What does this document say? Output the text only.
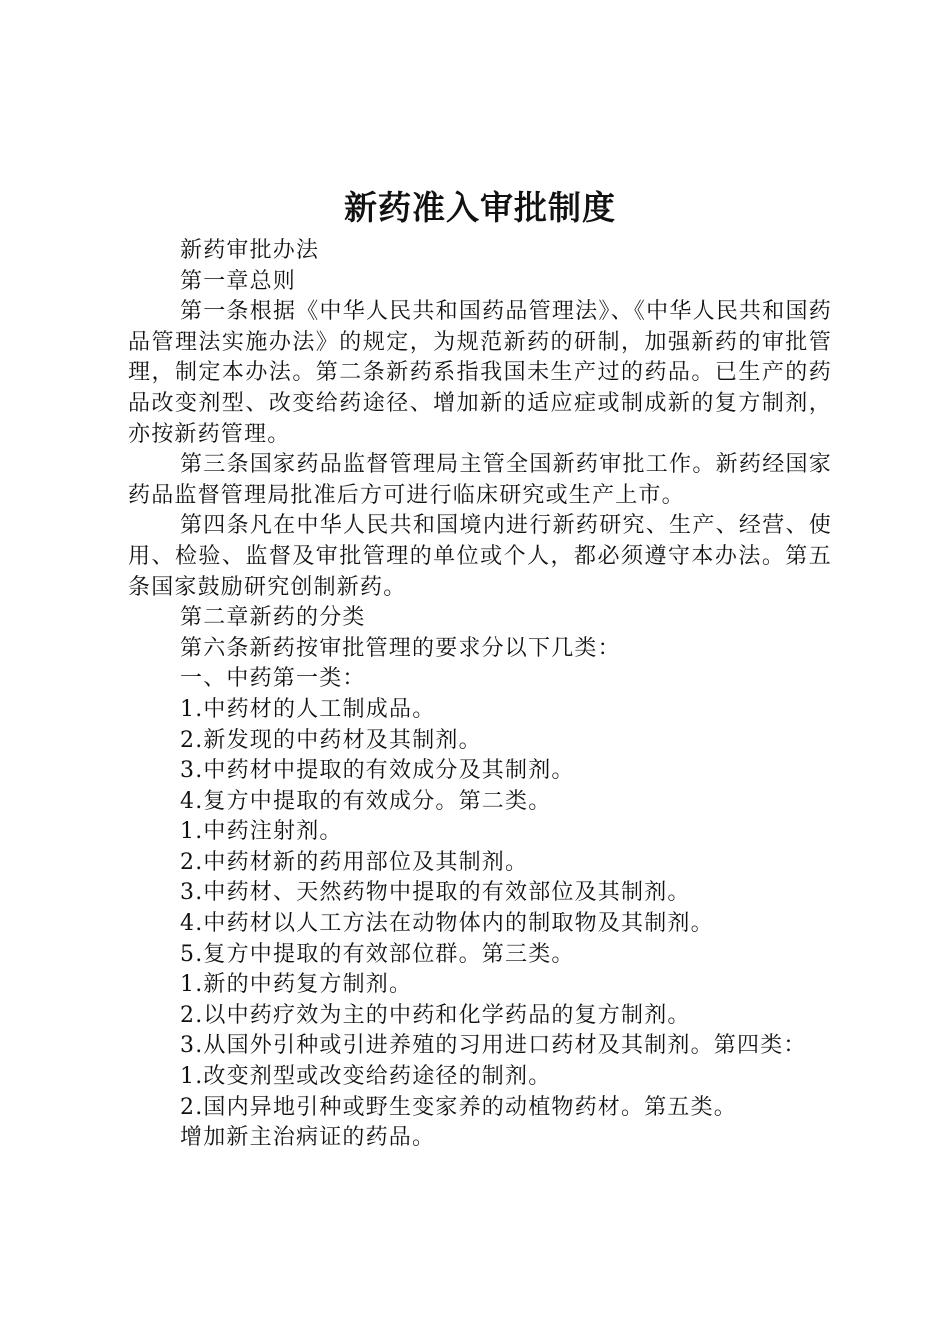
新药准入审批制度

新药审批办法

第一章总则

第一条根据《中华人民共和国药品管理法》、《中华人民共和国药品管理法实施办法》的规定，为规范新药的研制，加强新药的审批管理，制定本办法。第二条新药系指我国未生产过的药品。已生产的药品改变剂型、改变给药途径、增加新的适应症或制成新的复方制剂，亦按新药管理。

第三条国家药品监督管理局主管全国新药审批工作。新药经国家药品监督管理局批准后方可进行临床研究或生产上市。

第四条凡在中华人民共和国境内进行新药研究、生产、经营、使用、检验、监督及审批管理的单位或个人，都必须遵守本办法。第五条国家鼓励研究创制新药。

第二章新药的分类

第六条新药按审批管理的要求分以下几类：

一、中药第一类：

1.中药材的人工制成品。

2.新发现的中药材及其制剂。

3.中药材中提取的有效成分及其制剂。

4.复方中提取的有效成分。第二类。

1.中药注射剂。

2.中药材新的药用部位及其制剂。

3.中药材、天然药物中提取的有效部位及其制剂。

4.中药材以人工方法在动物体内的制取物及其制剂。

5.复方中提取的有效部位群。第三类。

1.新的中药复方制剂。

2.以中药疗效为主的中药和化学药品的复方制剂。

3.从国外引种或引进养殖的习用进口药材及其制剂。第四类：

1.改变剂型或改变给药途径的制剂。

2.国内异地引种或野生变家养的动植物药材。第五类。

增加新主治病证的药品。
